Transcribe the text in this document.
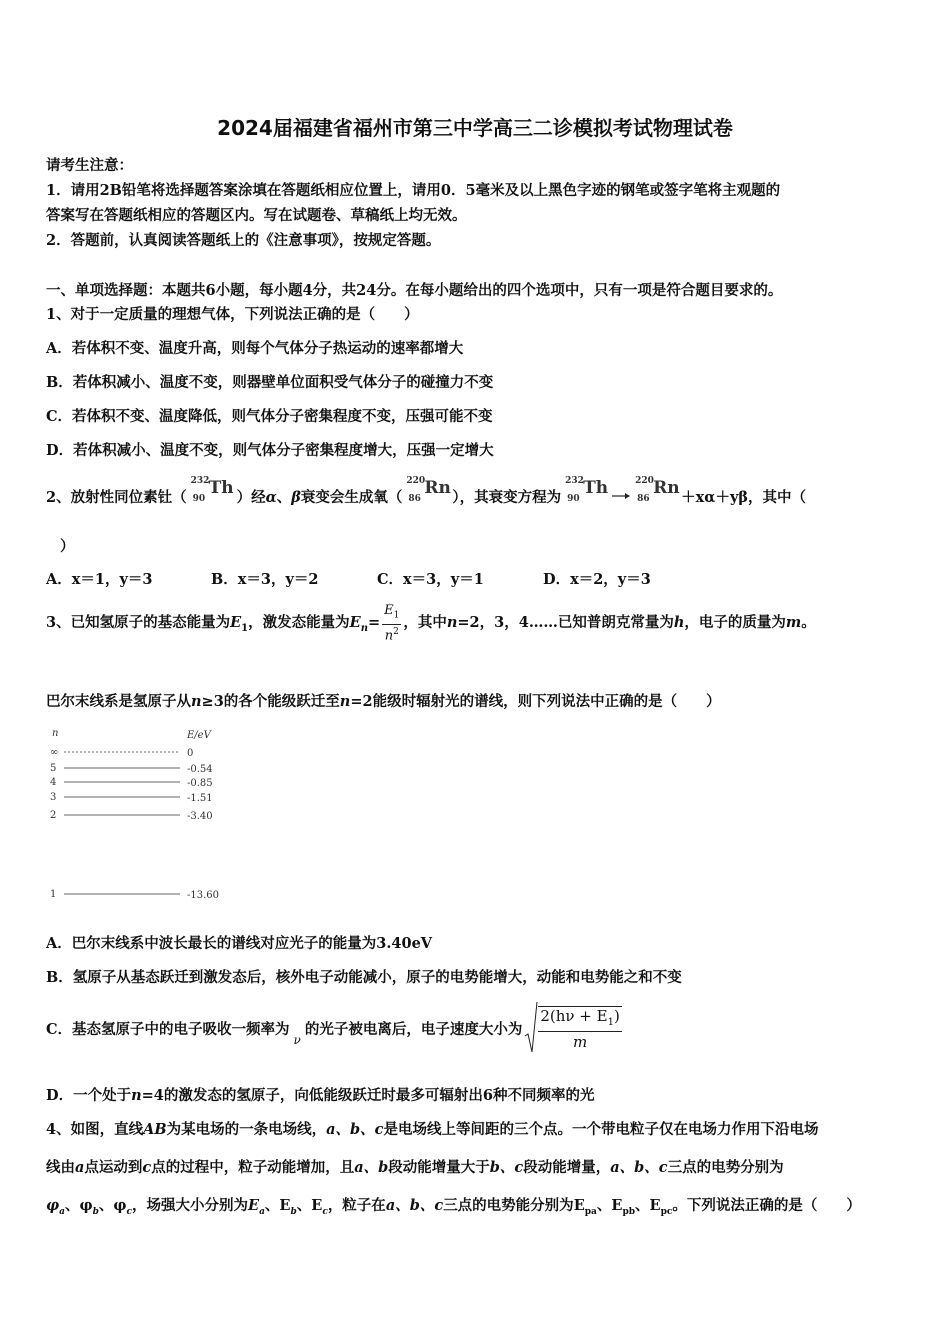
2024届福建省福州市第三中学高三二诊模拟考试物理试卷
请考生注意：
1．请用2B铅笔将选择题答案涂填在答题纸相应位置上，请用0．5毫米及以上黑色字迹的钢笔或签字笔将主观题的
答案写在答题纸相应的答题区内。写在试题卷、草稿纸上均无效。
2．答题前，认真阅读答题纸上的《注意事项》，按规定答题。
一、单项选择题：本题共6小题，每小题4分，共24分。在每小题给出的四个选项中，只有一项是符合题目要求的。
1、对于一定质量的理想气体，下列说法正确的是（　　）
A．若体积不变、温度升高，则每个气体分子热运动的速率都增大
B．若体积减小、温度不变，则器壁单位面积受气体分子的碰撞力不变
C．若体积不变、温度降低，则气体分子密集程度不变，压强可能不变
D．若体积减小、温度不变，则气体分子密集程度增大，压强一定增大
2、放射性同位素钍（
232
90
Th ）经α、β衰变会生成氧（
220
86
Rn ），其衰变方程为
232
90
Th	220
86
Rn ＋xα＋yβ，其中（
）
A．x＝1，y＝3	B．x＝3，y＝2	C．x＝3，y＝1	D．x＝2，y＝3
3、已知氢原子的基态能量为$E_1$，激发态能量为$E_n= \frac{E_1}{n^2}$ ，其中n=2，3，4……已知普朗克常量为h，电子的质量为m。
巴尔末线系是氢原子从n≥3的各个能级跃迁至n=2能级时辐射光的谱线，则下列说法中正确的是（　　）
n	E/eV
∞	0
5	-0.54
4	-0.85
3	-1.51
2	-3.40
1	-13.60
A．巴尔末线系中波长最长的谱线对应光子的能量为3.40eV
B．氢原子从基态跃迁到激发态后，核外电子动能减小，原子的电势能增大，动能和电势能之和不变
C．基态氢原子中的电子吸收一频率为
ν
的光子被电离后，电子速度大小为 $\frac{2(h\nu + E_1)}{m}$
D．一个处于n=4的激发态的氢原子，向低能级跃迁时最多可辐射出6种不同频率的光
4、如图，直线AB为某电场的一条电场线，a、b、c是电场线上等间距的三个点。一个带电粒子仅在电场力作用下沿电场
线由a点运动到c点的过程中，粒子动能增加，且a、b段动能增量大于b、c段动能增量，a、b、c三点的电势分别为
$\varphi_a$、$\varphi_b$、$\varphi_c$，场强大小分别为$E_a$、$E_b$、$E_c$，粒子在a、b、c三点的电势能分别为$E_{pa}$、$E_{pb}$、$E_{pc}$。下列说法正确的是（　　）
